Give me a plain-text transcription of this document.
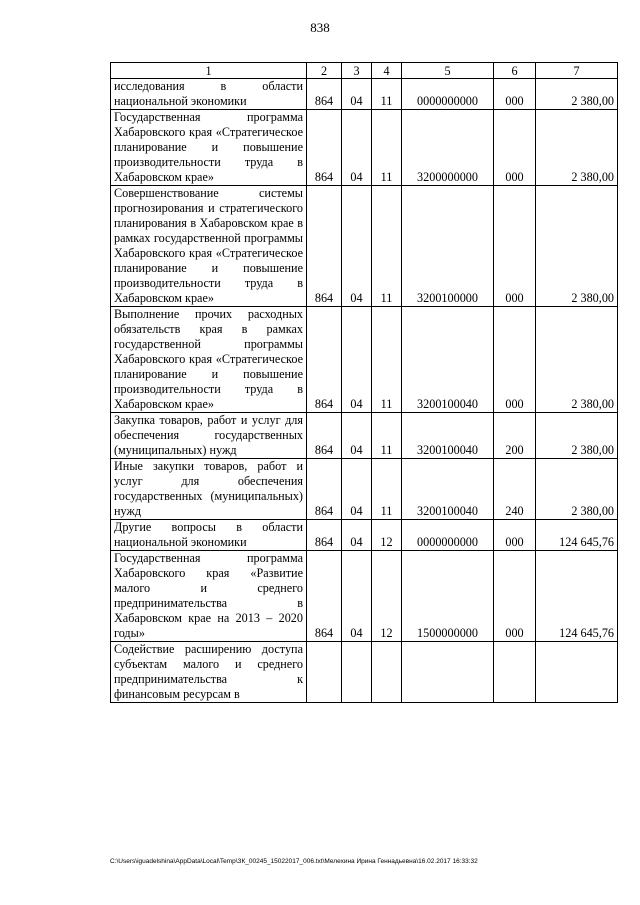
838
1	2	3	4	5	6	7
исследования в области национальной экономики	864	04	11	0000000000	000	2 380,00
Государственная программа Хабаровского края «Стратегическое планирование и повышение производительности труда в Хабаровском крае»	864	04	11	3200000000	000	2 380,00
Совершенствование системы прогнозирования и стратегического планирования в Хабаровском крае в рамках государственной программы Хабаровского края «Стратегическое планирование и повышение производительности труда в Хабаровском крае»	864	04	11	3200100000	000	2 380,00
Выполнение прочих расходных обязательств края в рамках государственной программы Хабаровского края «Стратегическое планирование и повышение производительности труда в Хабаровском крае»	864	04	11	3200100040	000	2 380,00
Закупка товаров, работ и услуг для обеспечения государственных (муниципальных) нужд	864	04	11	3200100040	200	2 380,00
Иные закупки товаров, работ и услуг для обеспечения государственных (муниципальных) нужд	864	04	11	3200100040	240	2 380,00
Другие вопросы в области национальной экономики	864	04	12	0000000000	000	124 645,76
Государственная программа Хабаровского края «Развитие малого и среднего предпринимательства в Хабаровском крае на 2013 – 2020 годы»	864	04	12	1500000000	000	124 645,76
Содействие расширению доступа субъектам малого и среднего предпринимательства к финансовым ресурсам в						
C:\Users\iguadelshina\AppData\Local\Temp\ЗК_00245_15022017_006.txt\Мелехина Ирина Геннадьевна\16.02.2017 16:33:32
